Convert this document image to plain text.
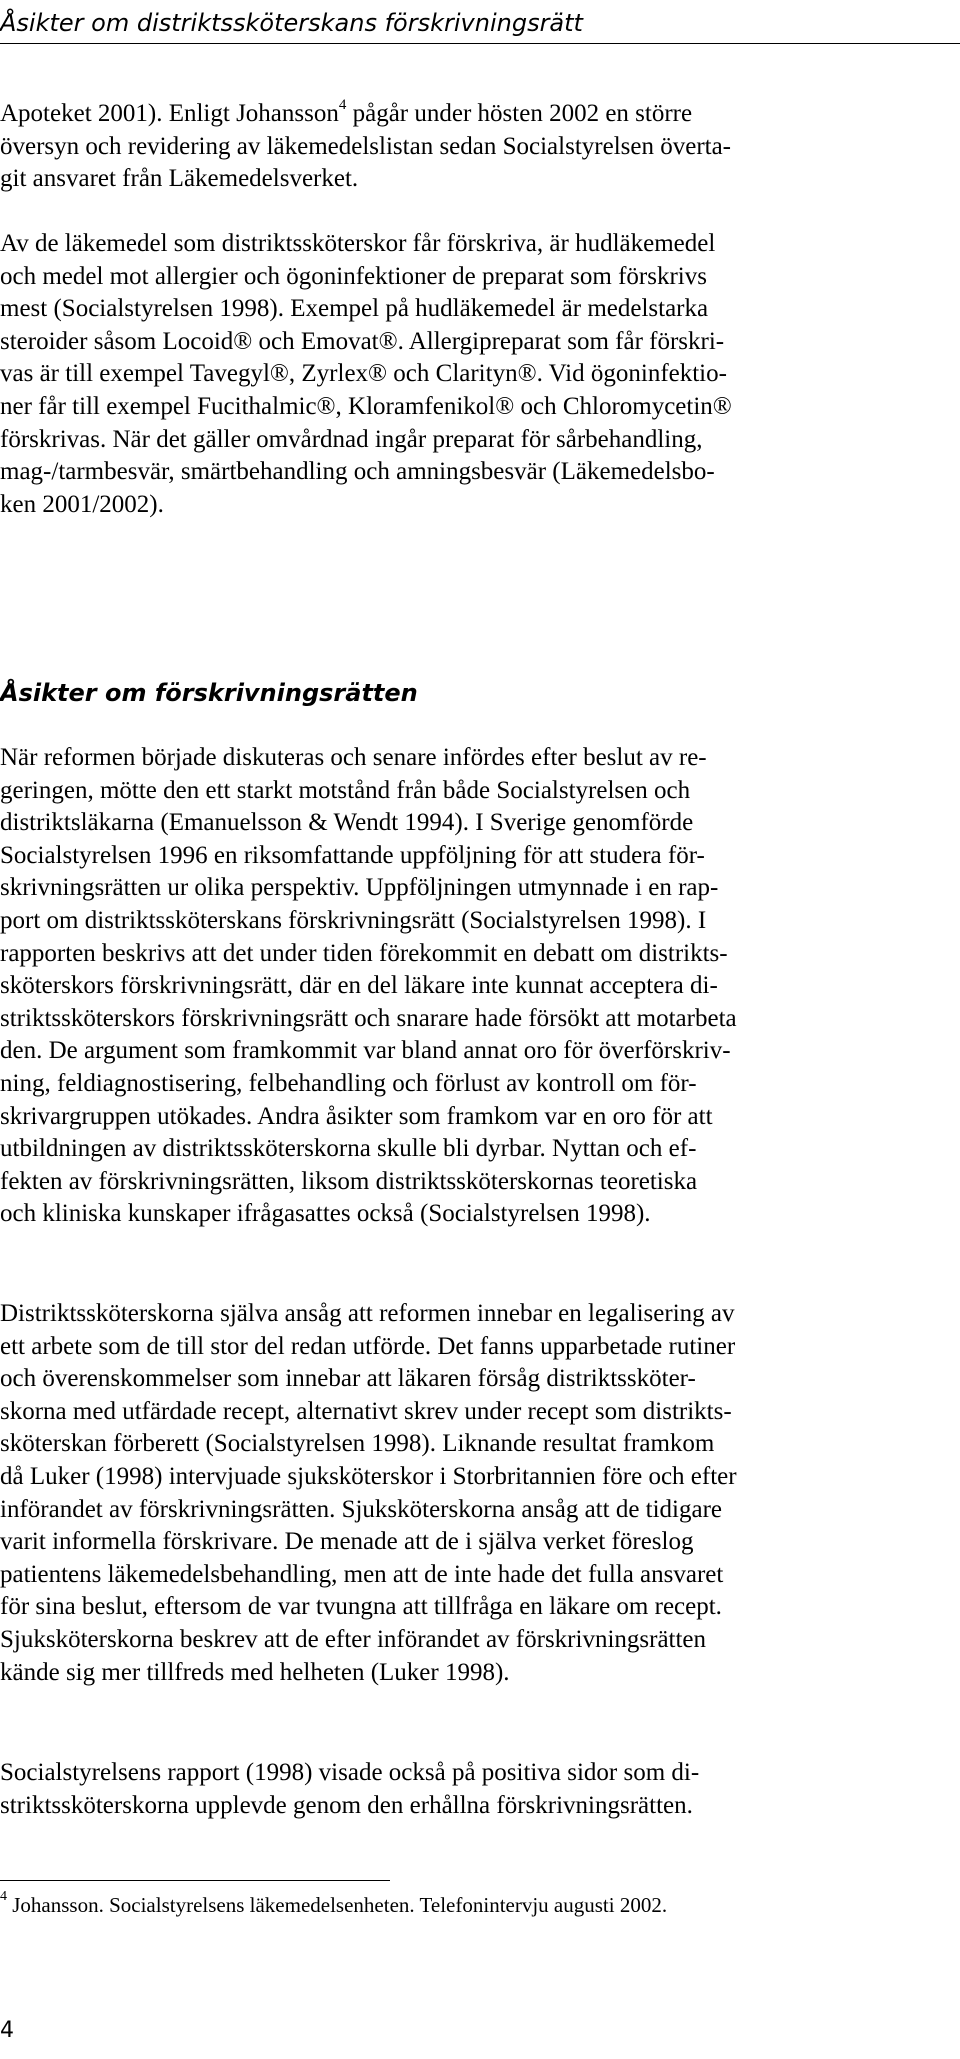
Åsikter om distriktssköterskans förskrivningsrätt

Apoteket 2001). Enligt Johansson$^4$ pågår under hösten 2002 en större
översyn och revidering av läkemedelslistan sedan Socialstyrelsen överta-
git ansvaret från Läkemedelsverket.

Av de läkemedel som distriktssköterskor får förskriva, är hudläkemedel
och medel mot allergier och ögoninfektioner de preparat som förskrivs
mest (Socialstyrelsen 1998). Exempel på hudläkemedel är medelstarka
steroider såsom Locoid® och Emovat®. Allergipreparat som får förskri-
vas är till exempel Tavegyl®, Zyrlex® och Clarityn®. Vid ögoninfektio-
ner får till exempel Fucithalmic®, Kloramfenikol® och Chloromycetin®
förskrivas. När det gäller omvårdnad ingår preparat för sårbehandling,
mag-/tarmbesvär, smärtbehandling och amningsbesvär (Läkemedelsbo-
ken 2001/2002).

Åsikter om förskrivningsrätten

När reformen började diskuteras och senare infördes efter beslut av re-
geringen, mötte den ett starkt motstånd från både Socialstyrelsen och
distriktsläkarna (Emanuelsson & Wendt 1994). I Sverige genomförde
Socialstyrelsen 1996 en riksomfattande uppföljning för att studera för-
skrivningsrätten ur olika perspektiv. Uppföljningen utmynnade i en rap-
port om distriktssköterskans förskrivningsrätt (Socialstyrelsen 1998). I
rapporten beskrivs att det under tiden förekommit en debatt om distrikts-
sköterskors förskrivningsrätt, där en del läkare inte kunnat acceptera di-
striktssköterskors förskrivningsrätt och snarare hade försökt att motarbeta
den. De argument som framkommit var bland annat oro för överförskriv-
ning, feldiagnostisering, felbehandling och förlust av kontroll om för-
skrivargruppen utökades. Andra åsikter som framkom var en oro för att
utbildningen av distriktssköterskorna skulle bli dyrbar. Nyttan och ef-
fekten av förskrivningsrätten, liksom distriktssköterskornas teoretiska
och kliniska kunskaper ifrågasattes också (Socialstyrelsen 1998).

Distriktssköterskorna själva ansåg att reformen innebar en legalisering av
ett arbete som de till stor del redan utförde. Det fanns upparbetade rutiner
och överenskommelser som innebar att läkaren försåg distriktssköter-
skorna med utfärdade recept, alternativt skrev under recept som distrikts-
sköterskan förberett (Socialstyrelsen 1998). Liknande resultat framkom
då Luker (1998) intervjuade sjuksköterskor i Storbritannien före och efter
införandet av förskrivningsrätten. Sjuksköterskorna ansåg att de tidigare
varit informella förskrivare. De menade att de i själva verket föreslog
patientens läkemedelsbehandling, men att de inte hade det fulla ansvaret
för sina beslut, eftersom de var tvungna att tillfråga en läkare om recept.
Sjuksköterskorna beskrev att de efter införandet av förskrivningsrätten
kände sig mer tillfreds med helheten (Luker 1998).

Socialstyrelsens rapport (1998) visade också på positiva sidor som di-
striktssköterskorna upplevde genom den erhållna förskrivningsrätten.

$^4$ Johansson. Socialstyrelsens läkemedelsenheten. Telefonintervju augusti 2002.

4
